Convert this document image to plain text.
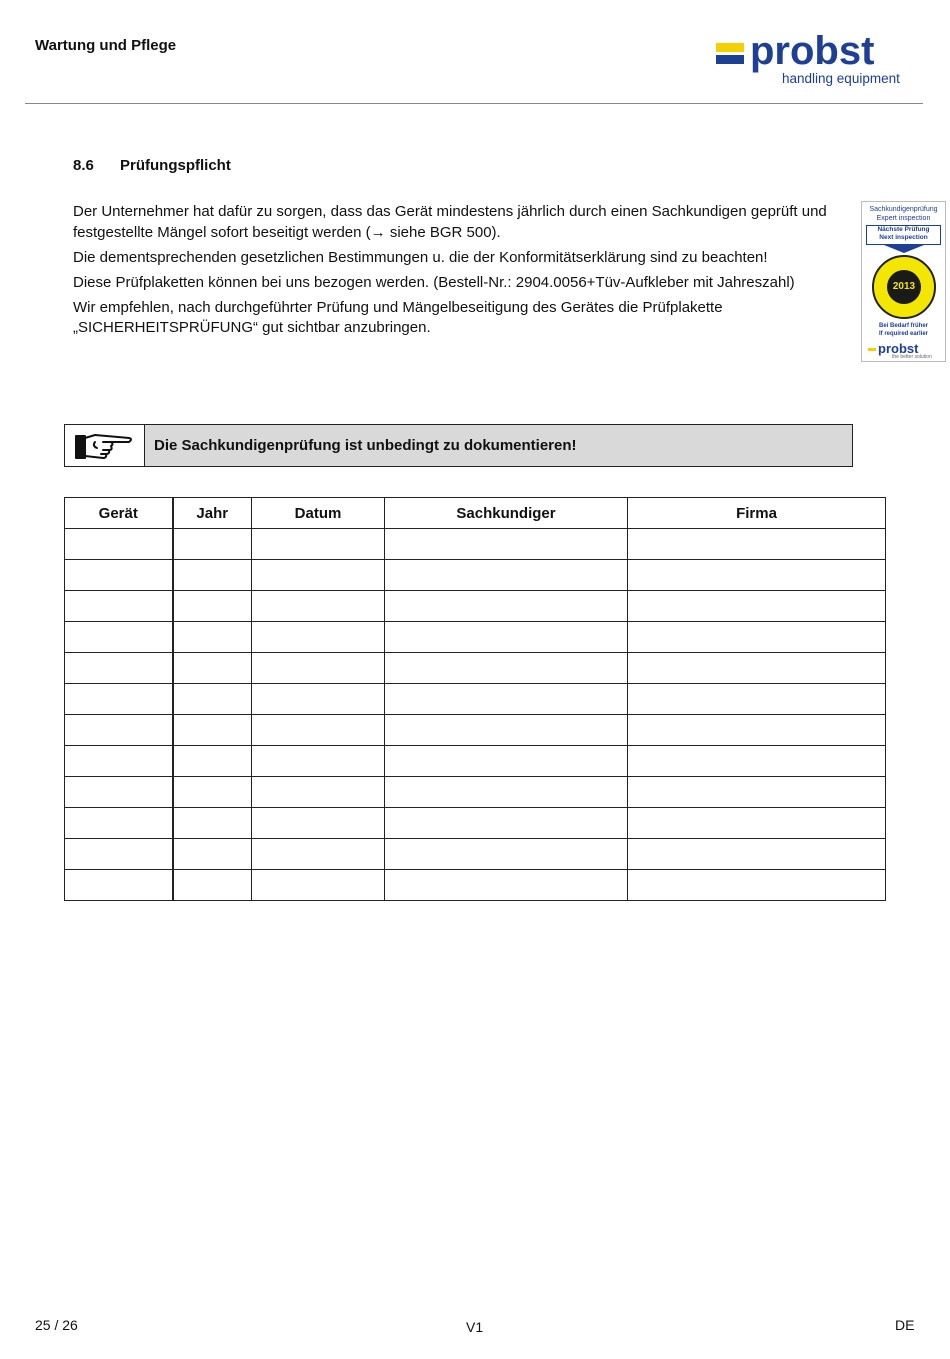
Wartung und Pflege	probst
handling equipment
8.6 Prüfungspflicht

Der Unternehmer hat dafür zu sorgen, dass das Gerät mindestens jährlich durch einen Sachkundigen geprüft und festgestellte Mängel sofort beseitigt werden (→ siehe BGR 500).

Die dementsprechenden gesetzlichen Bestimmungen u. die der Konformitätserklärung sind zu beachten!

Diese Prüfplaketten können bei uns bezogen werden. (Bestell-Nr.: 2904.0056+Tüv-Aufkleber mit Jahreszahl)

Wir empfehlen, nach durchgeführter Prüfung und Mängelbeseitigung des Gerätes die Prüfplakette „SICHERHEITSPRÜFUNG“ gut sichtbar anzubringen.

Sachkundigenprüfung
Expert inspection
Nächste Prüfung
Next inspection
2013
Bei Bedarf früher
If required earlier
probst
the better solution
Die Sachkundigenprüfung ist unbedingt zu dokumentieren!
Gerät	Jahr	Datum	Sachkundiger	Firma

25 / 26	V1	DE
